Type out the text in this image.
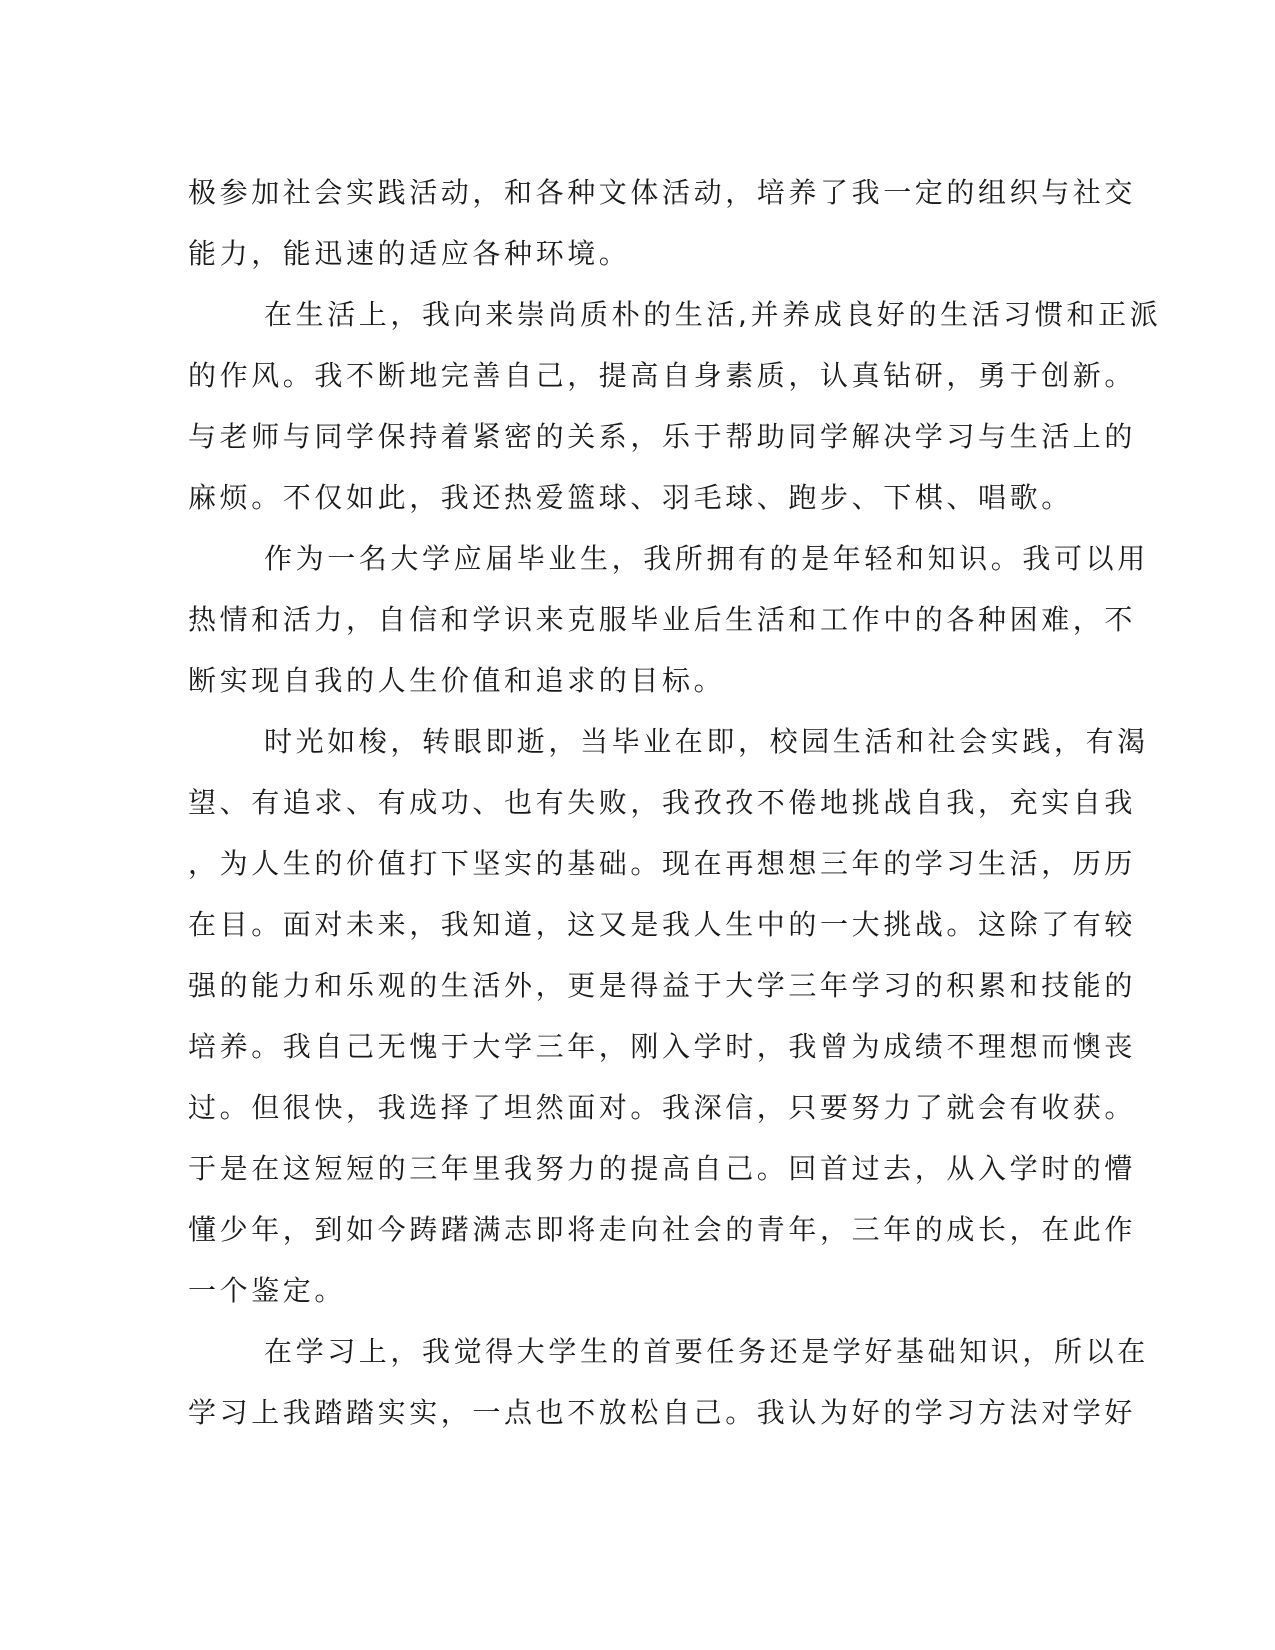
极参加社会实践活动，和各种文体活动，培养了我一定的组织与社交
能力，能迅速的适应各种环境。
在生活上，我向来崇尚质朴的生活,并养成良好的生活习惯和正派
的作风。我不断地完善自己，提高自身素质，认真钻研，勇于创新。
与老师与同学保持着紧密的关系，乐于帮助同学解决学习与生活上的
麻烦。不仅如此，我还热爱篮球、羽毛球、跑步、下棋、唱歌。
作为一名大学应届毕业生，我所拥有的是年轻和知识。我可以用
热情和活力，自信和学识来克服毕业后生活和工作中的各种困难，不
断实现自我的人生价值和追求的目标。
时光如梭，转眼即逝，当毕业在即，校园生活和社会实践，有渴
望、有追求、有成功、也有失败，我孜孜不倦地挑战自我，充实自我
，为人生的价值打下坚实的基础。现在再想想三年的学习生活，历历
在目。面对未来，我知道，这又是我人生中的一大挑战。这除了有较
强的能力和乐观的生活外，更是得益于大学三年学习的积累和技能的
培养。我自己无愧于大学三年，刚入学时，我曾为成绩不理想而懊丧
过。但很快，我选择了坦然面对。我深信，只要努力了就会有收获。
于是在这短短的三年里我努力的提高自己。回首过去，从入学时的懵
懂少年，到如今踌躇满志即将走向社会的青年，三年的成长，在此作
一个鉴定。
在学习上，我觉得大学生的首要任务还是学好基础知识，所以在
学习上我踏踏实实，一点也不放松自己。我认为好的学习方法对学好
